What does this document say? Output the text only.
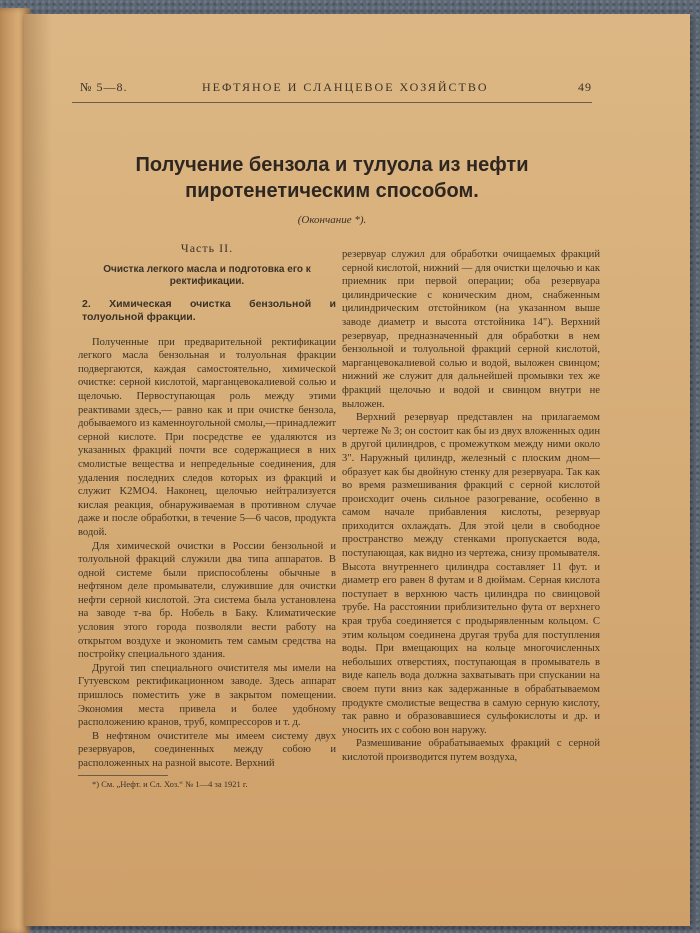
№ 5—8.	НЕФТЯНОЕ И СЛАНЦЕВОЕ ХОЗЯЙСТВО	49
Получение бензола и тулуола из нефти пиротенетическим способом.
(Окончание *).
Часть II.
Очистка легкого масла и подготовка его к ректификации.
2. Химическая очистка бензольной и толуольной фракции.

Полученные при предварительной ректификации легкого масла бензольная и толуольная фракции подвергаются, каждая самостоятельно, химической очистке: серной кислотой, марганцевокалиевой солью и щелочью. Первоступающая роль между этими реактивами здесь,— равно как и при очистке бензола, добываемого из каменноугольной смолы,—принадлежит серной кислоте. При посредстве ее удаляются из указанных фракций почти все содержащиеся в них смолистые вещества и непредельные соединения, для удаления последних следов которых из фракций и служит K2MO4. Наконец, щелочью нейтрализуется кислая реакция, обнаруживаемая в противном случае даже и после обработки, в течение 5—6 часов, продукта водой.

Для химической очистки в России бензольной и толуольной фракций служили два типа аппаратов. В одной системе были приспособлены обычные в нефтяном деле промыватели, служившие для очистки нефти серной кислотой. Эта система была установлена на заводе т-ва бр. Нобель в Баку. Климатические условия этого города позволяли вести работу на открытом воздухе и экономить тем самым средства на постройку специального здания.

Другой тип специального очистителя мы имели на Гутуевском ректификационном заводе. Здесь аппарат пришлось поместить уже в закрытом помещении. Экономия места привела и более удобному расположению кранов, труб, компрессоров и т. д.

В нефтяном очистителе мы имеем систему двух резервуаров, соединенных между собою и расположенных на разной высоте. Верхний

*) См. „Нефт. и Сл. Хоз.“ № 1—4 за 1921 г.

резервуар служил для обработки очищаемых фракций серной кислотой, нижний — для очистки щелочью и как приемник при первой операции; оба резервуара цилиндрические с коническим дном, снабженным цилиндрическим отстойником (на указанном выше заводе диаметр и высота отстойника 14"). Верхний резервуар, предназначенный для обработки в нем бензольной и толуольной фракций серной кислотой, марганцевокалиевой солью и водой, выложен свинцом; нижний же служит для дальнейшей промывки тех же фракций щелочью и водой и свинцом внутри не выложен.

Верхний резервуар представлен на прилагаемом чертеже № 3; он состоит как бы из двух вложенных один в другой цилиндров, с промежутком между ними около 3". Наружный цилиндр, железный с плоским дном—образует как бы двойную стенку для резервуара. Так как во время размешивания фракций с серной кислотой происходит очень сильное разогревание, особенно в самом начале прибавления кислоты, резервуар приходится охлаждать. Для этой цели в свободное пространство между стенками пропускается вода, поступающая, как видно из чертежа, снизу промывателя. Высота внутреннего цилиндра составляет 11 фут. и диаметр его равен 8 футам и 8 дюймам. Серная кислота поступает в верхнюю часть цилиндра по свинцовой трубе. На расстоянии приблизительно фута от верхнего края труба соединяется с продырявленным кольцом. С этим кольцом соединена другая труба для поступления воды. При вмещающих на кольце многочисленных небольших отверстиях, поступающая в промыватель в виде капель вода должна захватывать при спускании на своем пути вниз как задержанные в обрабатываемом продукте смолистые вещества в самую серную кислоту, так равно и образовавшиеся сульфокислоты и др. и уносить их с собою вон наружу.

Размешивание обрабатываемых фракций с серной кислотой производится путем воздуха,
